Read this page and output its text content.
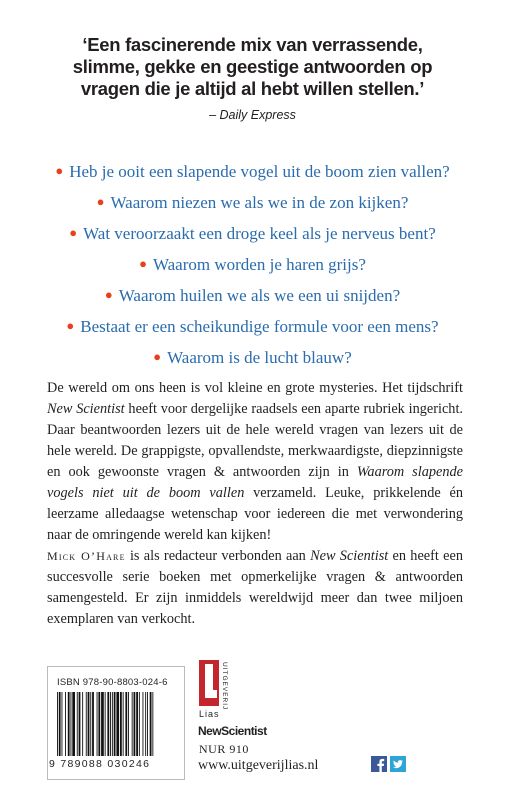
‘Een fascinerende mix van verrassende,
slimme, gekke en geestige antwoorden op
vragen die je altijd al hebt willen stellen.’
– Daily Express
● Heb je ooit een slapende vogel uit de boom zien vallen?
● Waarom niezen we als we in de zon kijken?
● Wat veroorzaakt een droge keel als je nerveus bent?
● Waarom worden je haren grijs?
● Waarom huilen we als we een ui snijden?
● Bestaat er een scheikundige formule voor een mens?
● Waarom is de lucht blauw?
De wereld om ons heen is vol kleine en grote mysteries. Het tijdschrift New Scientist heeft voor dergelijke raadsels een aparte rubriek ingericht. Daar beantwoorden lezers uit de hele wereld vragen van lezers uit de hele wereld. De grappigste, opvallendste, merkwaardigste, diepzinnigste en ook gewoonste vragen & antwoorden zijn in Waarom slapende vogels niet uit de boom vallen verzameld. Leuke, prikkelende én leerzame alledaagse wetenschap voor iedereen die met verwondering naar de omringende wereld kan kijken!
Mick O’Hare is als redacteur verbonden aan New Scientist en heeft een succesvolle serie boeken met opmerkelijke vragen & antwoorden samengesteld. Er zijn inmiddels wereldwijd meer dan twee miljoen exemplaren van verkocht.
ISBN 978-90-8803-024-6
9 789088 030246
UITGEVERIJ
Lias
NewScientist
NUR 910
www.uitgeverijlias.nl
